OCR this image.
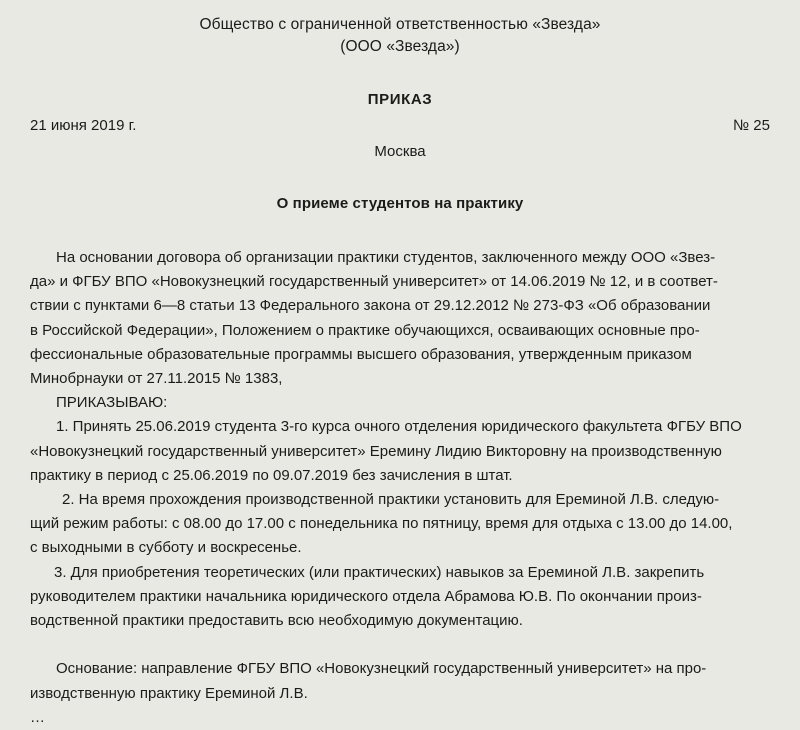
Общество с ограниченной ответственностью «Звезда»
(ООО «Звезда»)
ПРИКАЗ
21 июня 2019 г.	№ 25
Москва
О приеме студентов на практику
На основании договора об организации практики студентов, заключенного между ООО «Звез-
да» и ФГБУ ВПО «Новокузнецкий государственный университет» от 14.06.2019 № 12, и в соответ-
ствии с пунктами 6—8 статьи 13 Федерального закона от 29.12.2012 № 273-ФЗ «Об образовании
в Российской Федерации», Положением о практике обучающихся, осваивающих основные про-
фессиональные образовательные программы высшего образования, утвержденным приказом
Минобрнауки от 27.11.2015 № 1383,
ПРИКАЗЫВАЮ:
1. Принять 25.06.2019 студента 3-го курса очного отделения юридического факультета ФГБУ ВПО
«Новокузнецкий государственный университет» Еремину Лидию Викторовну на производственную
практику в период с 25.06.2019 по 09.07.2019 без зачисления в штат.
2. На время прохождения производственной практики установить для Ереминой Л.В. следую-
щий режим работы: с 08.00 до 17.00 с понедельника по пятницу, время для отдыха с 13.00 до 14.00,
с выходными в субботу и воскресенье.
3. Для приобретения теоретических (или практических) навыков за Ереминой Л.В. закрепить
руководителем практики начальника юридического отдела Абрамова Ю.В. По окончании произ-
водственной практики предоставить всю необходимую документацию.
Основание: направление ФГБУ ВПО «Новокузнецкий государственный университет» на про-
изводственную практику Ереминой Л.В.
…
